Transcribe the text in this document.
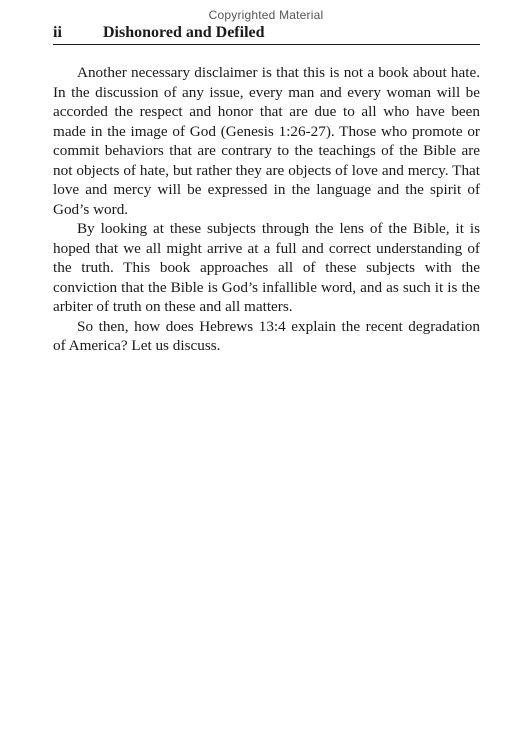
Copyrighted Material
ii	Dishonored and Defiled

Another necessary disclaimer is that this is not a book about hate. In the discussion of any issue, every man and every woman will be accorded the respect and honor that are due to all who have been made in the image of God (Genesis 1:26-27). Those who promote or commit behaviors that are contrary to the teachings of the Bible are not objects of hate, but rather they are objects of love and mercy. That love and mercy will be expressed in the language and the spirit of God’s word.

By looking at these subjects through the lens of the Bible, it is hoped that we all might arrive at a full and correct understanding of the truth. This book approaches all of these subjects with the conviction that the Bible is God’s infallible word, and as such it is the arbiter of truth on these and all matters.

So then, how does Hebrews 13:4 explain the recent degradation of America? Let us discuss.
